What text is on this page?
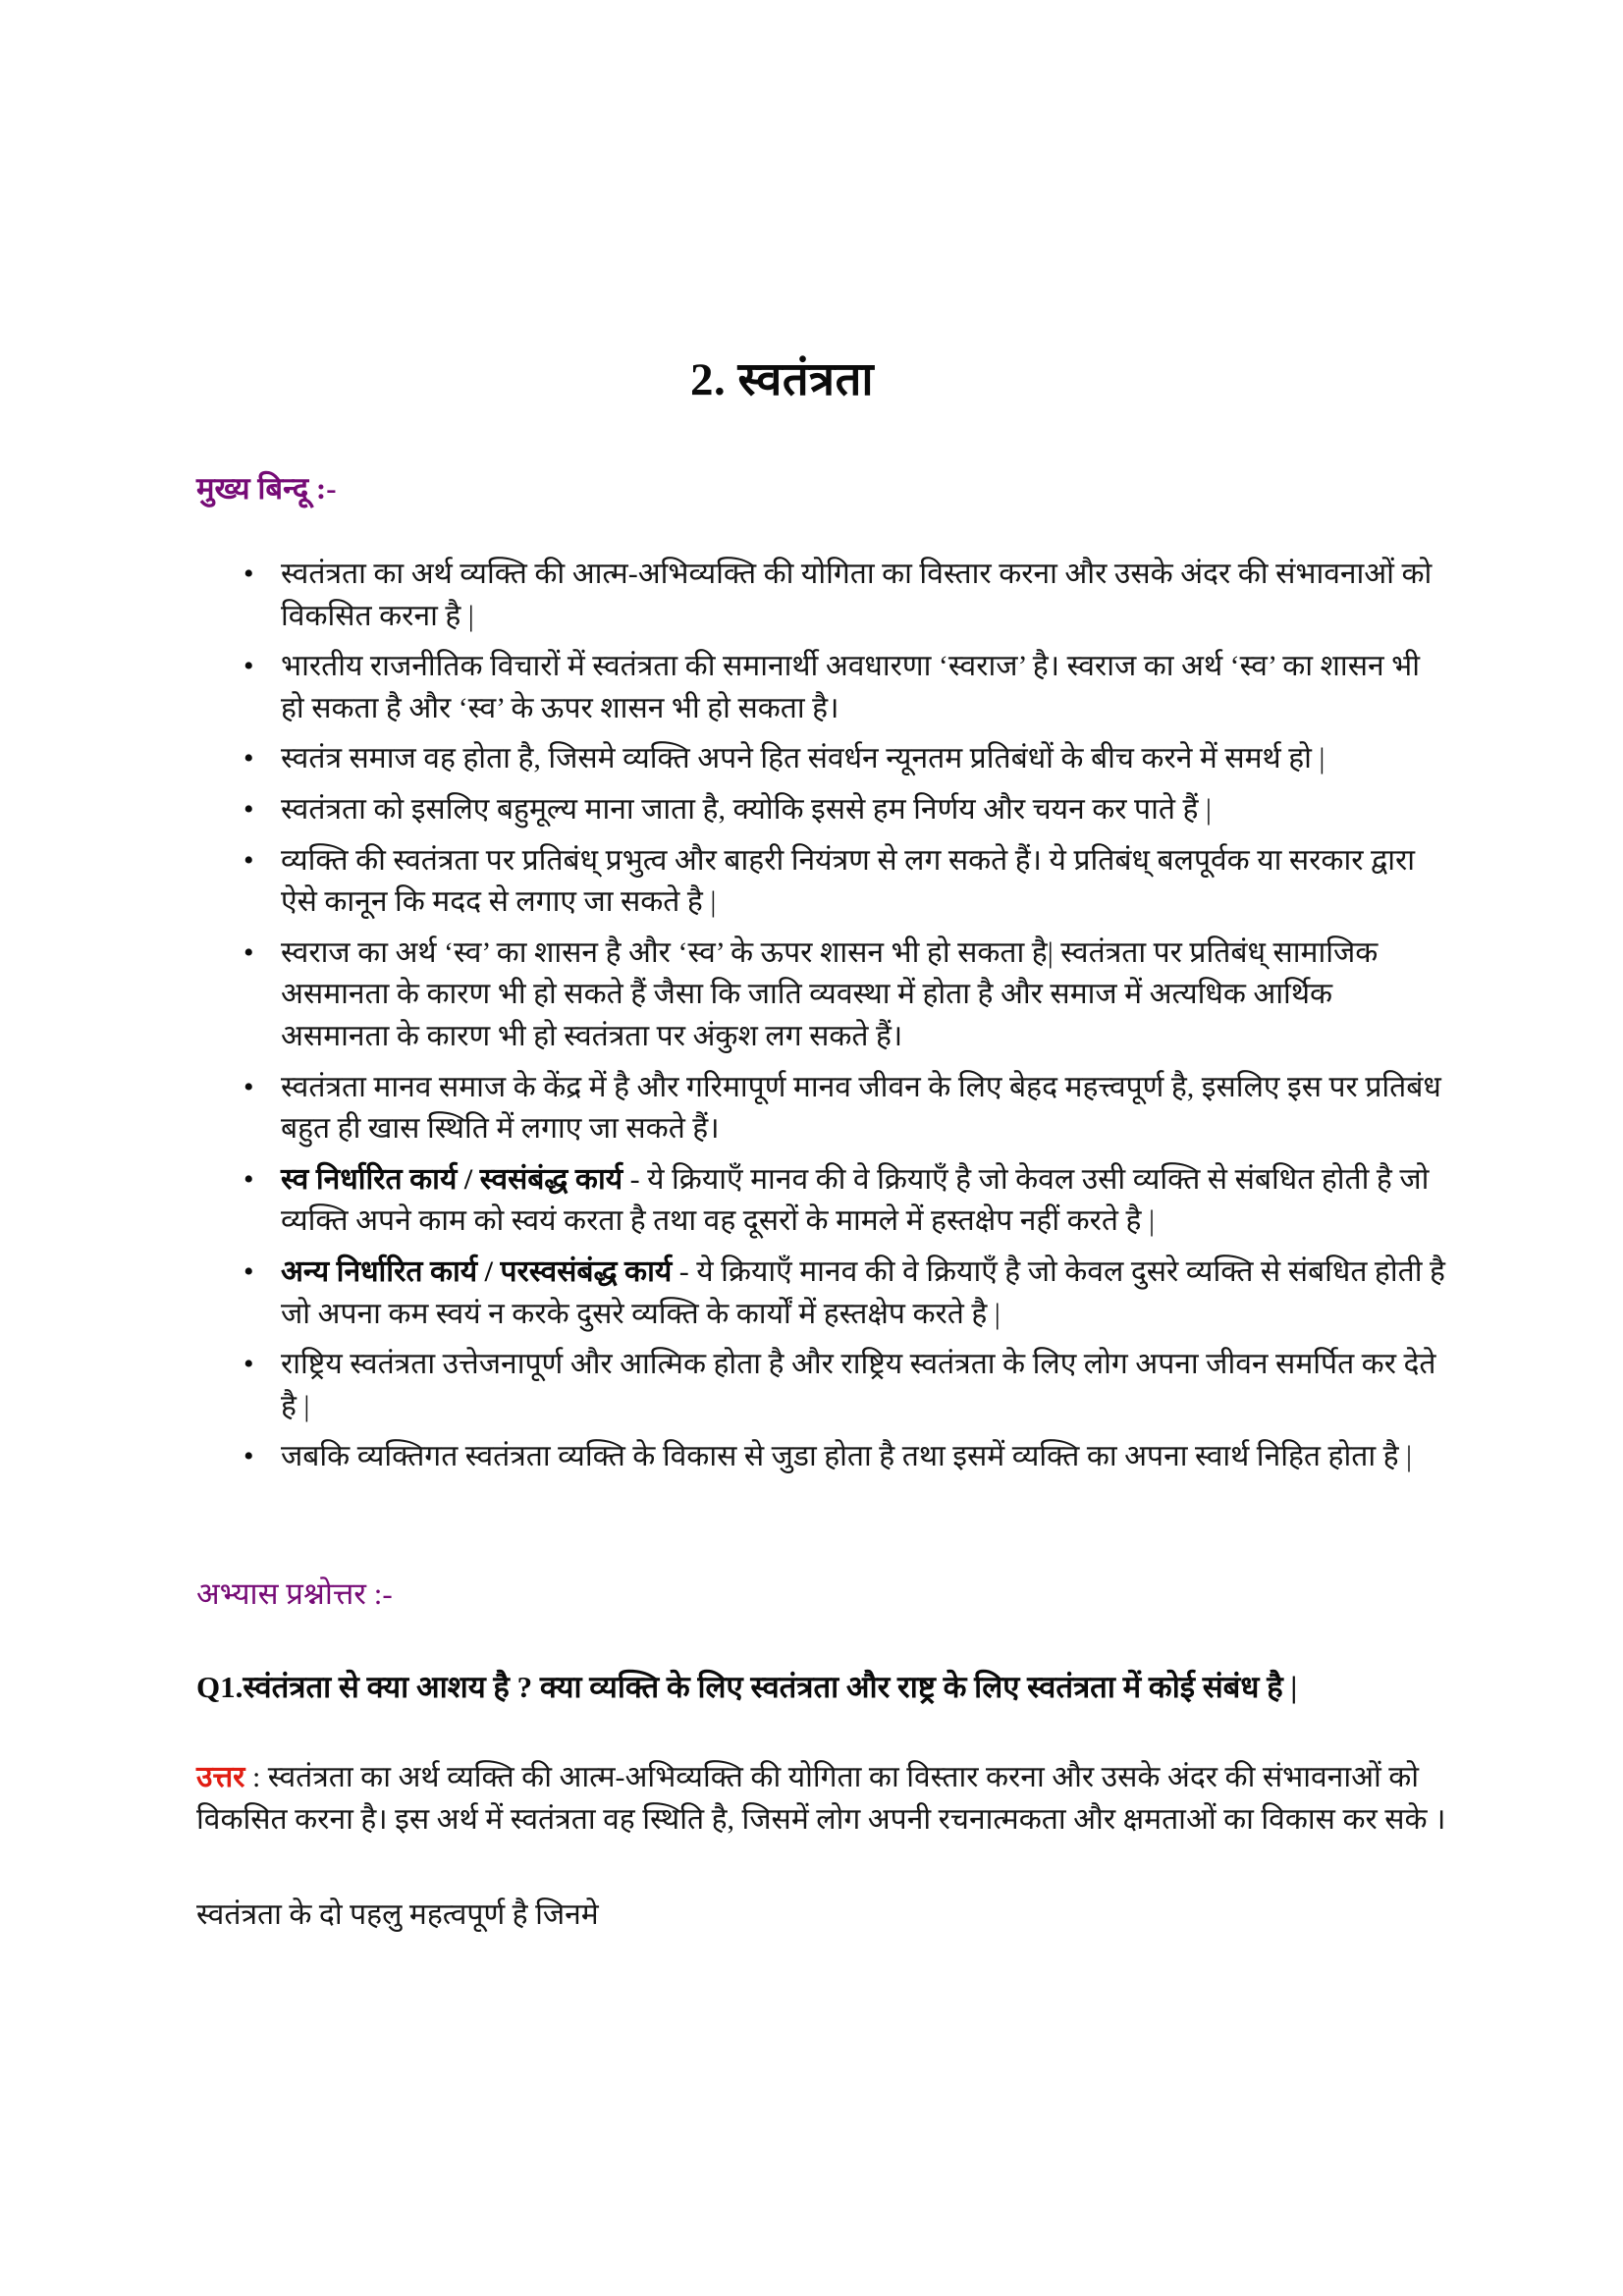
2. स्वतंत्रता
मुख्य बिन्दू :-
• स्वतंत्रता का अर्थ व्यक्ति की आत्म-अभिव्यक्ति की योगिता का विस्तार करना और उसके अंदर की संभावनाओं को विकसित करना है |
• भारतीय राजनीतिक विचारों में स्वतंत्रता की समानार्थी अवधारणा ‘स्वराज’ है। स्वराज का अर्थ ‘स्व’ का शासन भी हो सकता है और ‘स्व’ के ऊपर शासन भी हो सकता है।
• स्वतंत्र समाज वह होता है, जिसमे व्यक्ति अपने हित संवर्धन न्यूनतम प्रतिबंधों के बीच करने में समर्थ हो |
• स्वतंत्रता को इसलिए बहुमूल्य माना जाता है, क्योकि इससे हम निर्णय और चयन कर पाते हैं |
• व्यक्ति की स्वतंत्रता पर प्रतिबंध् प्रभुत्व और बाहरी नियंत्रण से लग सकते हैं। ये प्रतिबंध् बलपूर्वक या सरकार द्वारा ऐसे कानून कि मदद से लगाए जा सकते है |
• स्वराज का अर्थ ‘स्व’ का शासन है और ‘स्व’ के ऊपर शासन भी हो सकता है| स्वतंत्रता पर प्रतिबंध् सामाजिक असमानता के कारण भी हो सकते हैं जैसा कि जाति व्यवस्था में होता है और समाज में अत्यधिक आर्थिक असमानता के कारण भी हो स्वतंत्रता पर अंकुश लग सकते हैं।
• स्वतंत्रता मानव समाज के केंद्र में है और गरिमापूर्ण मानव जीवन के लिए बेहद महत्त्वपूर्ण है, इसलिए इस पर प्रतिबंध बहुत ही खास स्थिति में लगाए जा सकते हैं।
• स्व निर्धारित कार्य / स्वसंबंद्ध कार्य - ये क्रियाएँ मानव की वे क्रियाएँ है जो केवल उसी व्यक्ति से संबधित होती है जो व्यक्ति अपने काम को स्वयं करता है तथा वह दूसरों के मामले में हस्तक्षेप नहीं करते है |
• अन्य निर्धारित कार्य / परस्वसंबंद्ध कार्य - ये क्रियाएँ मानव की वे क्रियाएँ है जो केवल दुसरे व्यक्ति से संबधित होती है जो अपना कम स्वयं न करके दुसरे व्यक्ति के कार्यों में हस्तक्षेप करते है |
• राष्ट्रिय स्वतंत्रता उत्तेजनापूर्ण और आत्मिक होता है और राष्ट्रिय स्वतंत्रता के लिए लोग अपना जीवन समर्पित कर देते है |
• जबकि व्यक्तिगत स्वतंत्रता व्यक्ति के विकास से जुडा होता है तथा इसमें व्यक्ति का अपना स्वार्थ निहित होता है |
अभ्यास प्रश्नोत्तर :-

Q1.स्वंतंत्रता से क्या आशय है ? क्या व्यक्ति के लिए स्वतंत्रता और राष्ट्र के लिए स्वतंत्रता में कोई संबंध है |

उत्तर : स्वतंत्रता का अर्थ व्यक्ति की आत्म-अभिव्यक्ति की योगिता का विस्तार करना और उसके अंदर की संभावनाओं को विकसित करना है। इस अर्थ में स्वतंत्रता वह स्थिति है, जिसमें लोग अपनी रचनात्मकता और क्षमताओं का विकास कर सके ।

स्वतंत्रता के दो पहलु महत्वपूर्ण है जिनमे
